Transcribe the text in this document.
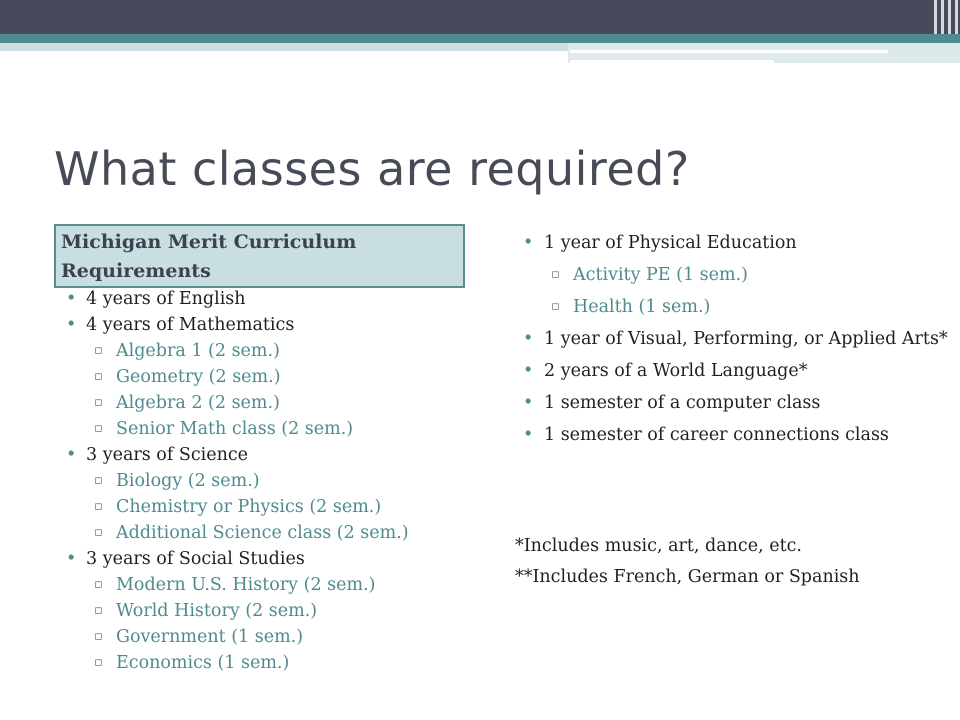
What classes are required?
Michigan Merit Curriculum
Requirements
• 4 years of English
• 4 years of Mathematics
▫ Algebra 1 (2 sem.)
▫ Geometry (2 sem.)
▫ Algebra 2 (2 sem.)
▫ Senior Math class (2 sem.)
• 3 years of Science
▫ Biology (2 sem.)
▫ Chemistry or Physics (2 sem.)
▫ Additional Science class (2 sem.)
• 3 years of Social Studies
▫ Modern U.S. History (2 sem.)
▫ World History (2 sem.)
▫ Government (1 sem.)
▫ Economics (1 sem.)
• 1 year of Physical Education
▫ Activity PE (1 sem.)
▫ Health (1 sem.)
• 1 year of Visual, Performing, or Applied Arts*
• 2 years of a World Language*
• 1 semester of a computer class
• 1 semester of career connections class
*Includes music, art, dance, etc.
**Includes French, German or Spanish
